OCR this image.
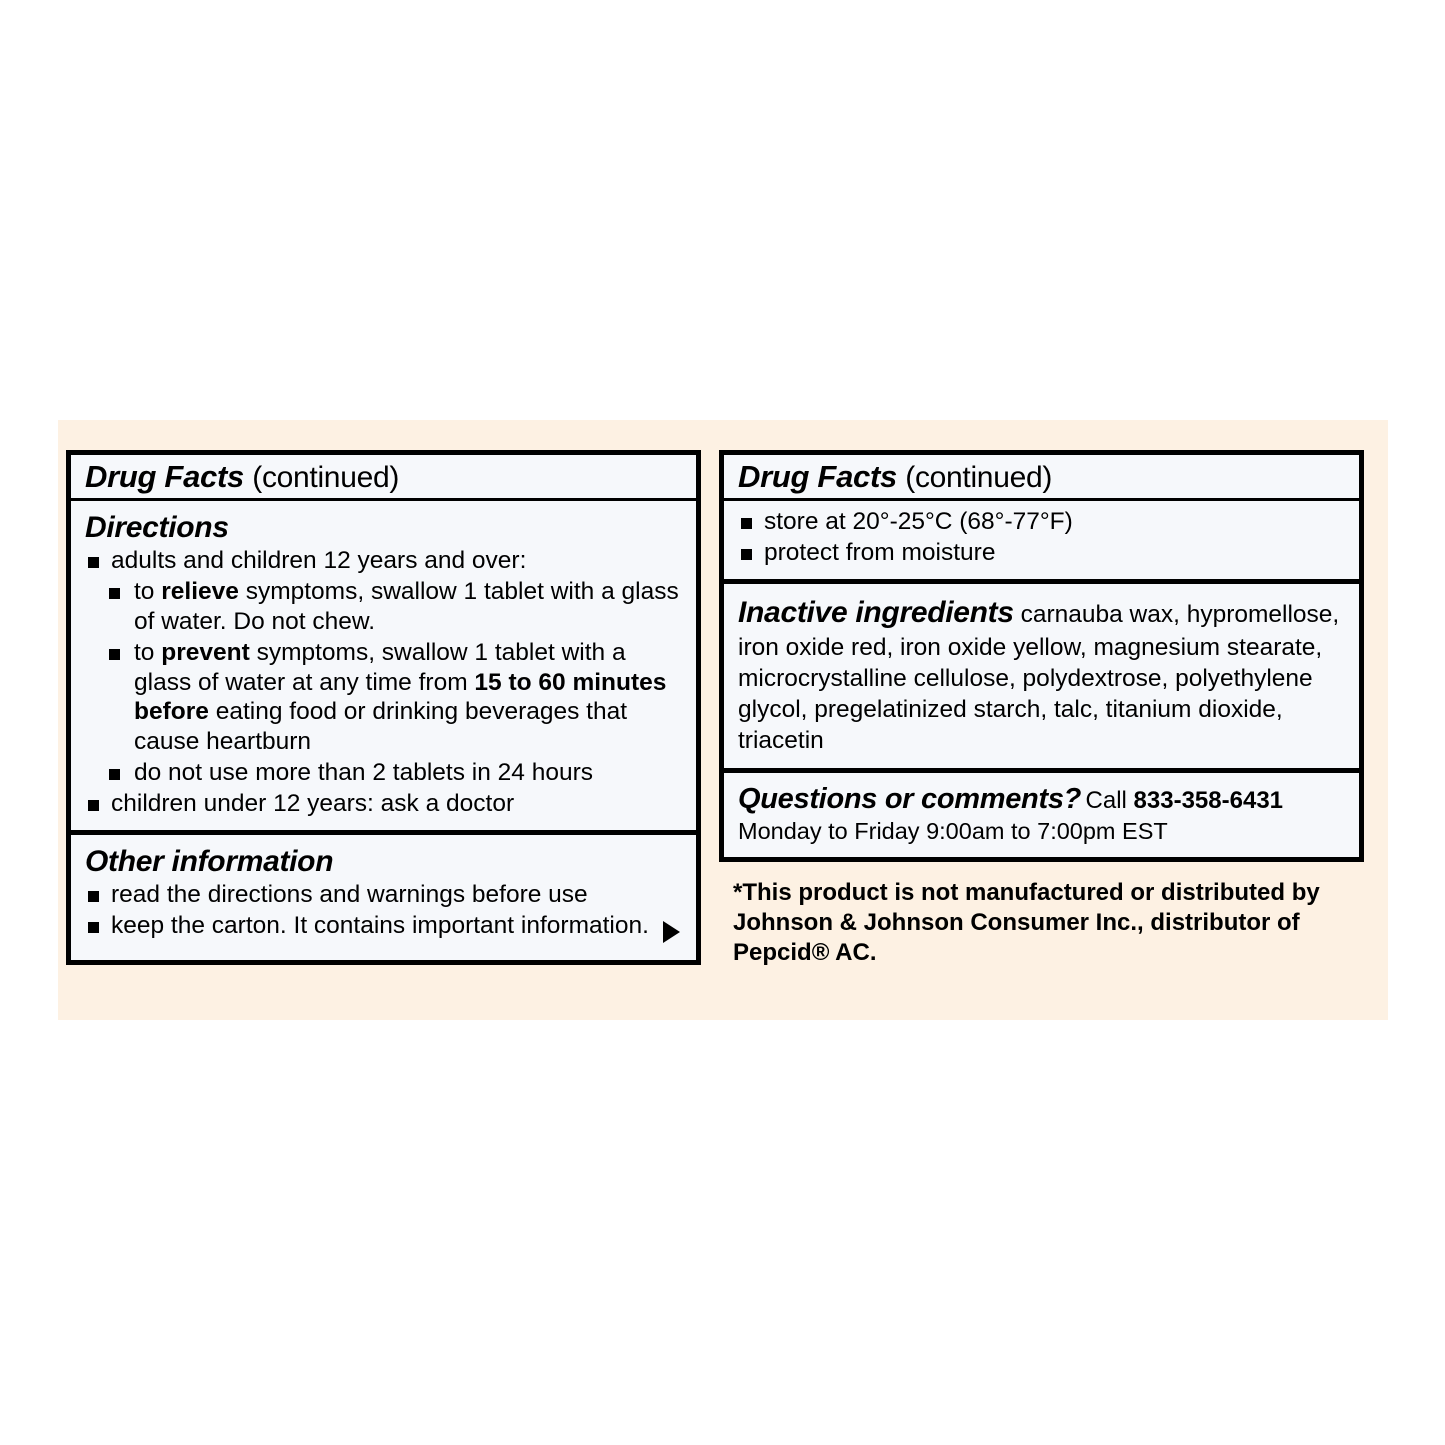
Drug Facts (continued)
Directions
adults and children 12 years and over:
to relieve symptoms, swallow 1 tablet with a glass of water. Do not chew.
to prevent symptoms, swallow 1 tablet with a glass of water at any time from 15 to 60 minutes before eating food or drinking beverages that cause heartburn
do not use more than 2 tablets in 24 hours
children under 12 years: ask a doctor
Other information
read the directions and warnings before use
keep the carton. It contains important information.
Drug Facts (continued)
store at 20°-25°C (68°-77°F)
protect from moisture
Inactive ingredients carnauba wax, hypromellose, iron oxide red, iron oxide yellow, magnesium stearate, microcrystalline cellulose, polydextrose, polyethylene glycol, pregelatinized starch, talc, titanium dioxide, triacetin
Questions or comments? Call 833-358-6431
Monday to Friday 9:00am to 7:00pm EST
*This product is not manufactured or distributed by Johnson & Johnson Consumer Inc., distributor of Pepcid® AC.
